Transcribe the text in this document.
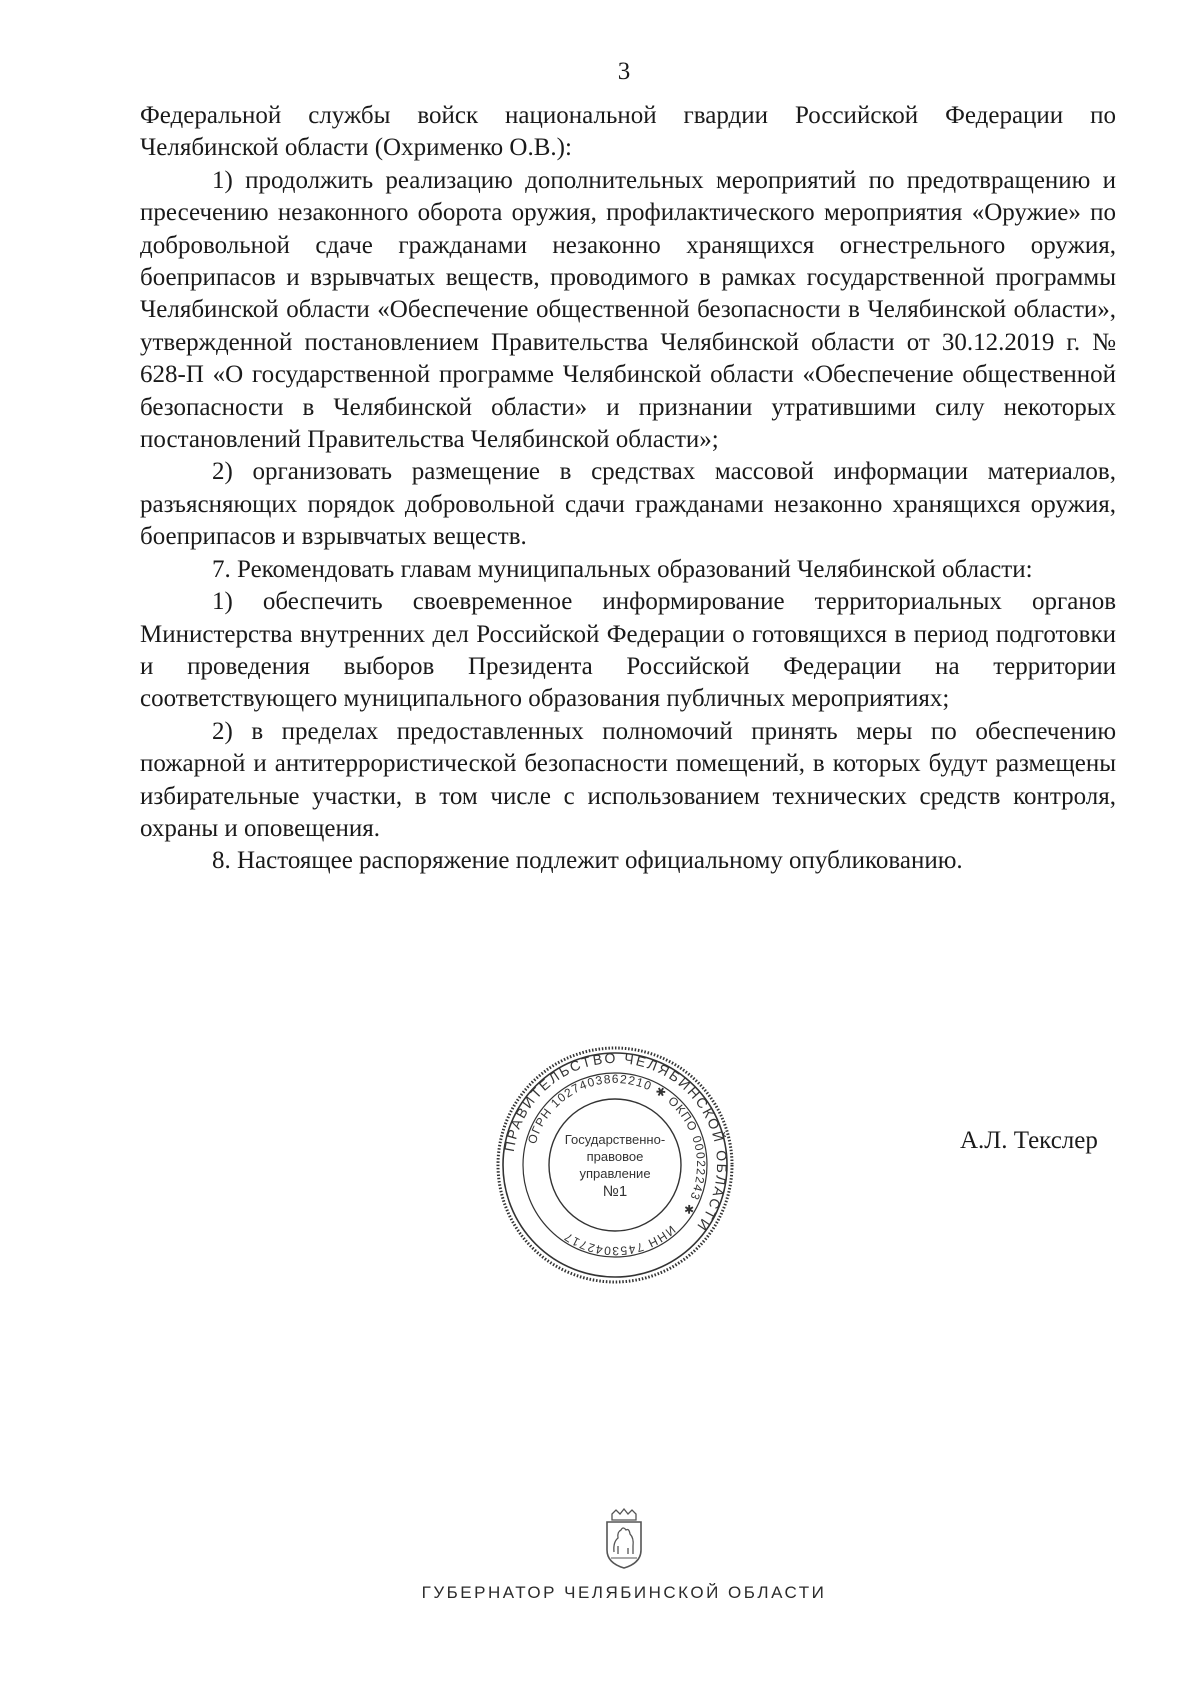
3

Федеральной службы войск национальной гвардии Российской Федерации по Челябинской области (Охрименко О.В.):

1) продолжить реализацию дополнительных мероприятий по предотвращению и пресечению незаконного оборота оружия, профилактического мероприятия «Оружие» по добровольной сдаче гражданами незаконно хранящихся огнестрельного оружия, боеприпасов и взрывчатых веществ, проводимого в рамках государственной программы Челябинской области «Обеспечение общественной безопасности в Челябинской области», утвержденной постановлением Правительства Челябинской области от 30.12.2019 г. № 628-П «О государственной программе Челябинской области «Обеспечение общественной безопасности в Челябинской области» и признании утратившими силу некоторых постановлений Правительства Челябинской области»;

2) организовать размещение в средствах массовой информации материалов, разъясняющих порядок добровольной сдачи гражданами незаконно хранящихся оружия, боеприпасов и взрывчатых веществ.

7. Рекомендовать главам муниципальных образований Челябинской области:

1) обеспечить своевременное информирование территориальных органов Министерства внутренних дел Российской Федерации о готовящихся в период подготовки и проведения выборов Президента Российской Федерации на территории соответствующего муниципального образования публичных мероприятиях;

2) в пределах предоставленных полномочий принять меры по обеспечению пожарной и антитеррористической безопасности помещений, в которых будут размещены избирательные участки, в том числе с использованием технических средств контроля, охраны и оповещения.

8. Настоящее распоряжение подлежит официальному опубликованию.

ПРАВИТЕЛЬСТВО ЧЕЛЯБИНСКОЙ ОБЛАСТИ
ОГРН 1027403862210 ✱ ОКПО 00022243 ✱
ИНН 7453042717
Государственно-
правовое
управление
№1
А.Л. Текслер
ГУБЕРНАТОР ЧЕЛЯБИНСКОЙ ОБЛАСТИ
